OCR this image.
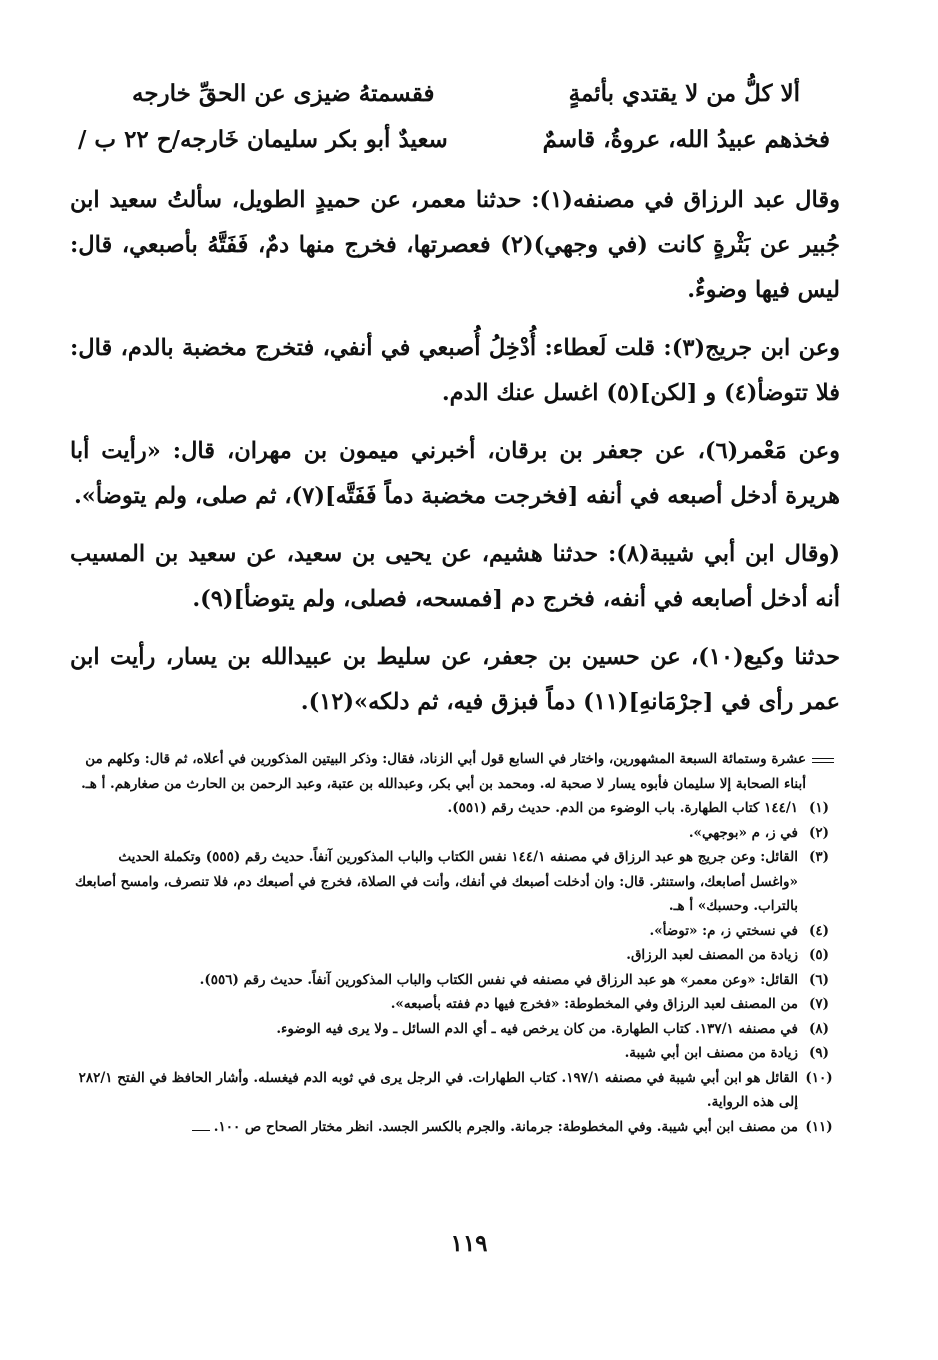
ألا كلُّ من لا يقتدي بأئمةٍ
فقسمتهُ ضيزى عن الحقِّ خارجه
فخذهم عبيدُ الله، عروةُ، قاسمٌ
سعيدٌ أبو بكر سليمان خَارجه/ح ٢٢ ب /

وقال عبد الرزاق في مصنفه(١): حدثنا معمر، عن حميدٍ الطويل، سألتُ سعيد ابن جُبير عن بَثْرةٍ كانت (في وجهي)(٢) فعصرتها، فخرج منها دمٌ، فَفَتَّهُ بأصبعي، قال: ليس فيها وضوءٌ.

وعن ابن جريج(٣): قلت لَعطاء: أُدْخِلُ أُصبعي في أنفي، فتخرج مخضبة بالدم، قال: فلا تتوضأ(٤) و [لكن](٥) اغسل عنك الدم.

وعن مَعْمر(٦)، عن جعفر بن برقان، أخبرني ميمون بن مهران، قال: «رأيت أبا هريرة أدخل أصبعه في أنفه [فخرجت مخضبة دماً فَفَتَّه](٧)، ثم صلى، ولم يتوضأ».

(وقال ابن أبي شيبة(٨): حدثنا هشيم، عن يحيى بن سعيد، عن سعيد بن المسيب أنه أدخل أصابعه في أنفه، فخرج دم [فمسحه، فصلى، ولم يتوضأ](٩).

حدثنا وكيع(١٠)، عن حسين بن جعفر، عن سليط بن عبيدالله بن يسار، رأيت ابن عمر رأى في [جرْمَانهِ](١١) دماً فبزق فيه، ثم دلكه»(١٢).

عشرة وستمائة السبعة المشهورين، واختار في السابع قول أبي الزناد، فقال: وذكر البيتين المذكورين في أعلاه، ثم قال: وكلهم من أبناء الصحابة إلا سليمان فأبوه يسار لا صحبة له. ومحمد بن أبي بكر، وعبدالله بن عتبة، وعبد الرحمن بن الحارث من صغارهم. أ هـ.
(١)
١٤٤/١ كتاب الطهارة. باب الوضوء من الدم. حديث رقم (٥٥١).
(٢)
في ز، م «بوجهي».
(٣)
القائل: وعن جريج هو عبد الرزاق في مصنفه ١٤٤/١ نفس الكتاب والباب المذكورين آنفاً. حديث رقم (٥٥٥) وتكملة الحديث «واغسل أصابعك، واستنثر. قال: وان أدخلت أصبعك في أنفك، وأنت في الصلاة، فخرج في أصبعك دم، فلا تنصرف، وامسح أصابعك بالتراب. وحسبك» أ هـ.
(٤)
في نسختي ز، م: «توضأ».
(٥)
زيادة من المصنف لعبد الرزاق.
(٦)
القائل: «وعن معمر» هو عبد الرزاق في مصنفه في نفس الكتاب والباب المذكورين آنفاً. حديث رقم (٥٥٦).
(٧)
من المصنف لعبد الرزاق وفي المخطوطة: «فخرج فيها دم ففته بأصبعه».
(٨)
في مصنفه ١٣٧/١. كتاب الطهارة. من كان يرخص فيه ـ أي الدم السائل ـ ولا يرى فيه الوضوء.
(٩)
زيادة من مصنف ابن أبي شيبة.
(١٠)
القائل هو ابن أبي شيبة في مصنفه ١٩٧/١. كتاب الطهارات. في الرجل يرى في ثوبه الدم فيغسله. وأشار الحافظ في الفتح ٢٨٢/١ إلى هذه الرواية.
(١١)
من مصنف ابن أبي شيبة. وفي المخطوطة: جرمانة. والجرم بالكسر الجسد. انظر مختار الصحاح ص ١٠٠.
١١٩
